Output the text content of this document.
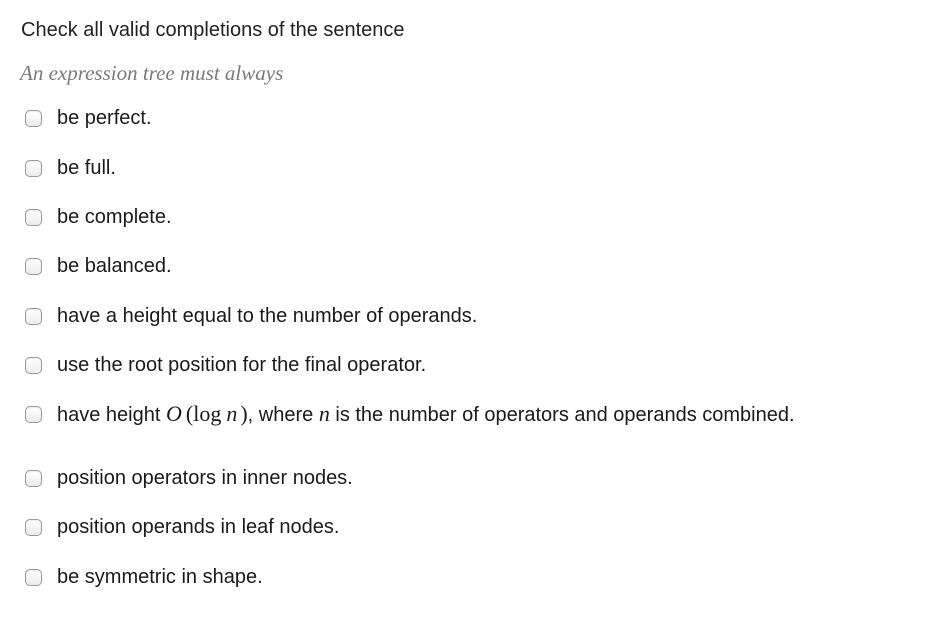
Check all valid completions of the sentence
An expression tree must always
be perfect.
be full.
be complete.
be balanced.
have a height equal to the number of operands.
use the root position for the final operator.
have height O (log n ), where n is the number of operators and operands combined.
position operators in inner nodes.
position operands in leaf nodes.
be symmetric in shape.
